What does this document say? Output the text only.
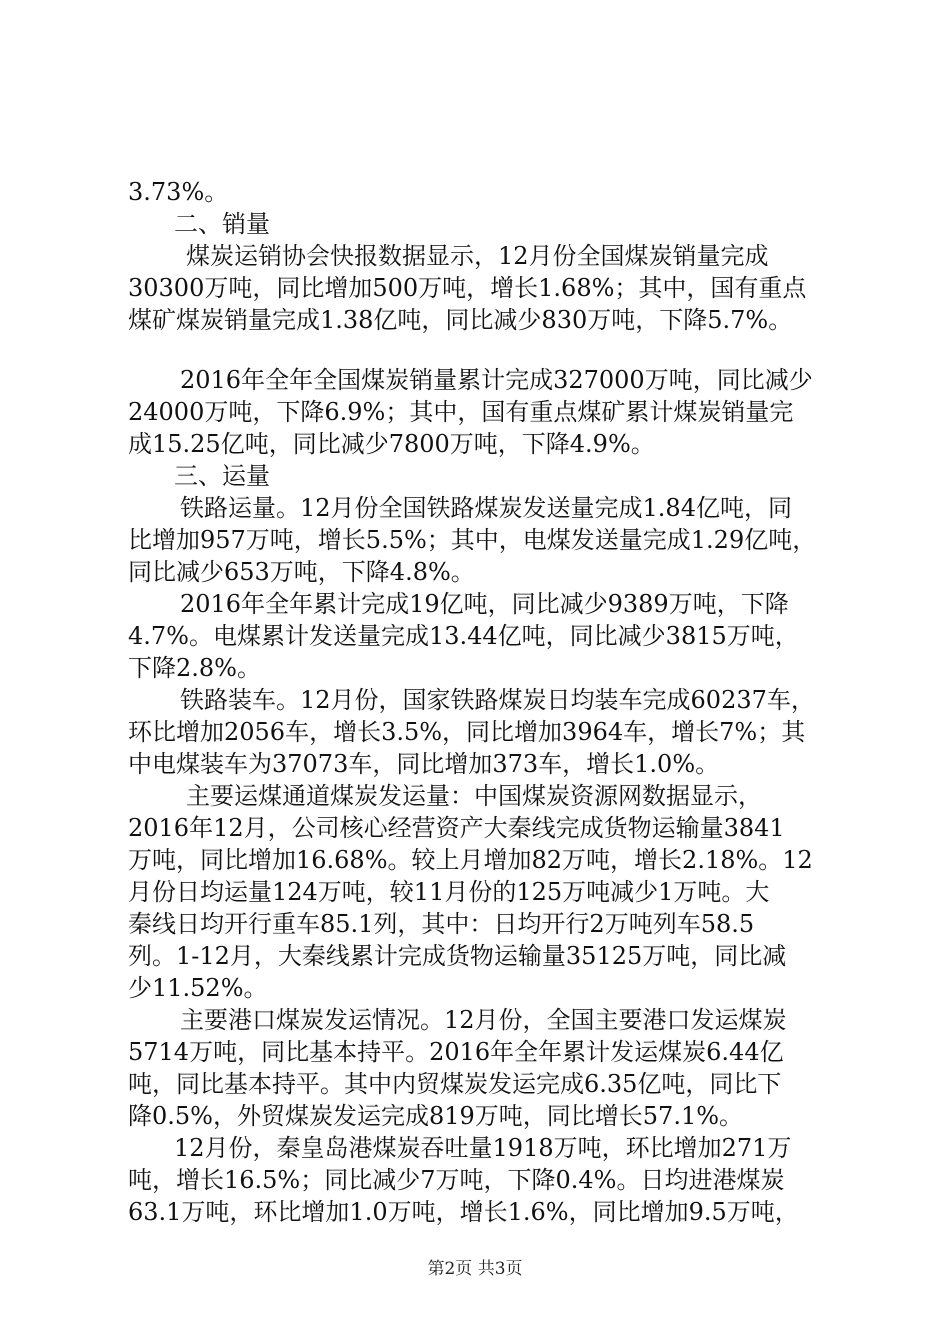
3.73%。
二、销量
煤炭运销协会快报数据显示，12月份全国煤炭销量完成
30300万吨，同比增加500万吨，增长1.68%；其中，国有重点
煤矿煤炭销量完成1.38亿吨，同比减少830万吨，下降5.7%。
2016年全年全国煤炭销量累计完成327000万吨，同比减少
24000万吨，下降6.9%；其中，国有重点煤矿累计煤炭销量完
成15.25亿吨，同比减少7800万吨，下降4.9%。
三、运量
铁路运量。12月份全国铁路煤炭发送量完成1.84亿吨，同
比增加957万吨，增长5.5%；其中，电煤发送量完成1.29亿吨，
同比减少653万吨，下降4.8%。
2016年全年累计完成19亿吨，同比减少9389万吨，下降
4.7%。电煤累计发送量完成13.44亿吨，同比减少3815万吨，
下降2.8%。
铁路装车。12月份，国家铁路煤炭日均装车完成60237车，
环比增加2056车，增长3.5%，同比增加3964车，增长7%；其
中电煤装车为37073车，同比增加373车，增长1.0%。
主要运煤通道煤炭发运量：中国煤炭资源网数据显示，
2016年12月，公司核心经营资产大秦线完成货物运输量3841
万吨，同比增加16.68%。较上月增加82万吨，增长2.18%。12
月份日均运量124万吨，较11月份的125万吨减少1万吨。大
秦线日均开行重车85.1列，其中：日均开行2万吨列车58.5
列。1-12月，大秦线累计完成货物运输量35125万吨，同比减
少11.52%。
主要港口煤炭发运情况。12月份，全国主要港口发运煤炭
5714万吨，同比基本持平。2016年全年累计发运煤炭6.44亿
吨，同比基本持平。其中内贸煤炭发运完成6.35亿吨，同比下
降0.5%，外贸煤炭发运完成819万吨，同比增长57.1%。
12月份，秦皇岛港煤炭吞吐量1918万吨，环比增加271万
吨，增长16.5%；同比减少7万吨，下降0.4%。日均进港煤炭
63.1万吨，环比增加1.0万吨，增长1.6%，同比增加9.5万吨，
第2页 共3页
